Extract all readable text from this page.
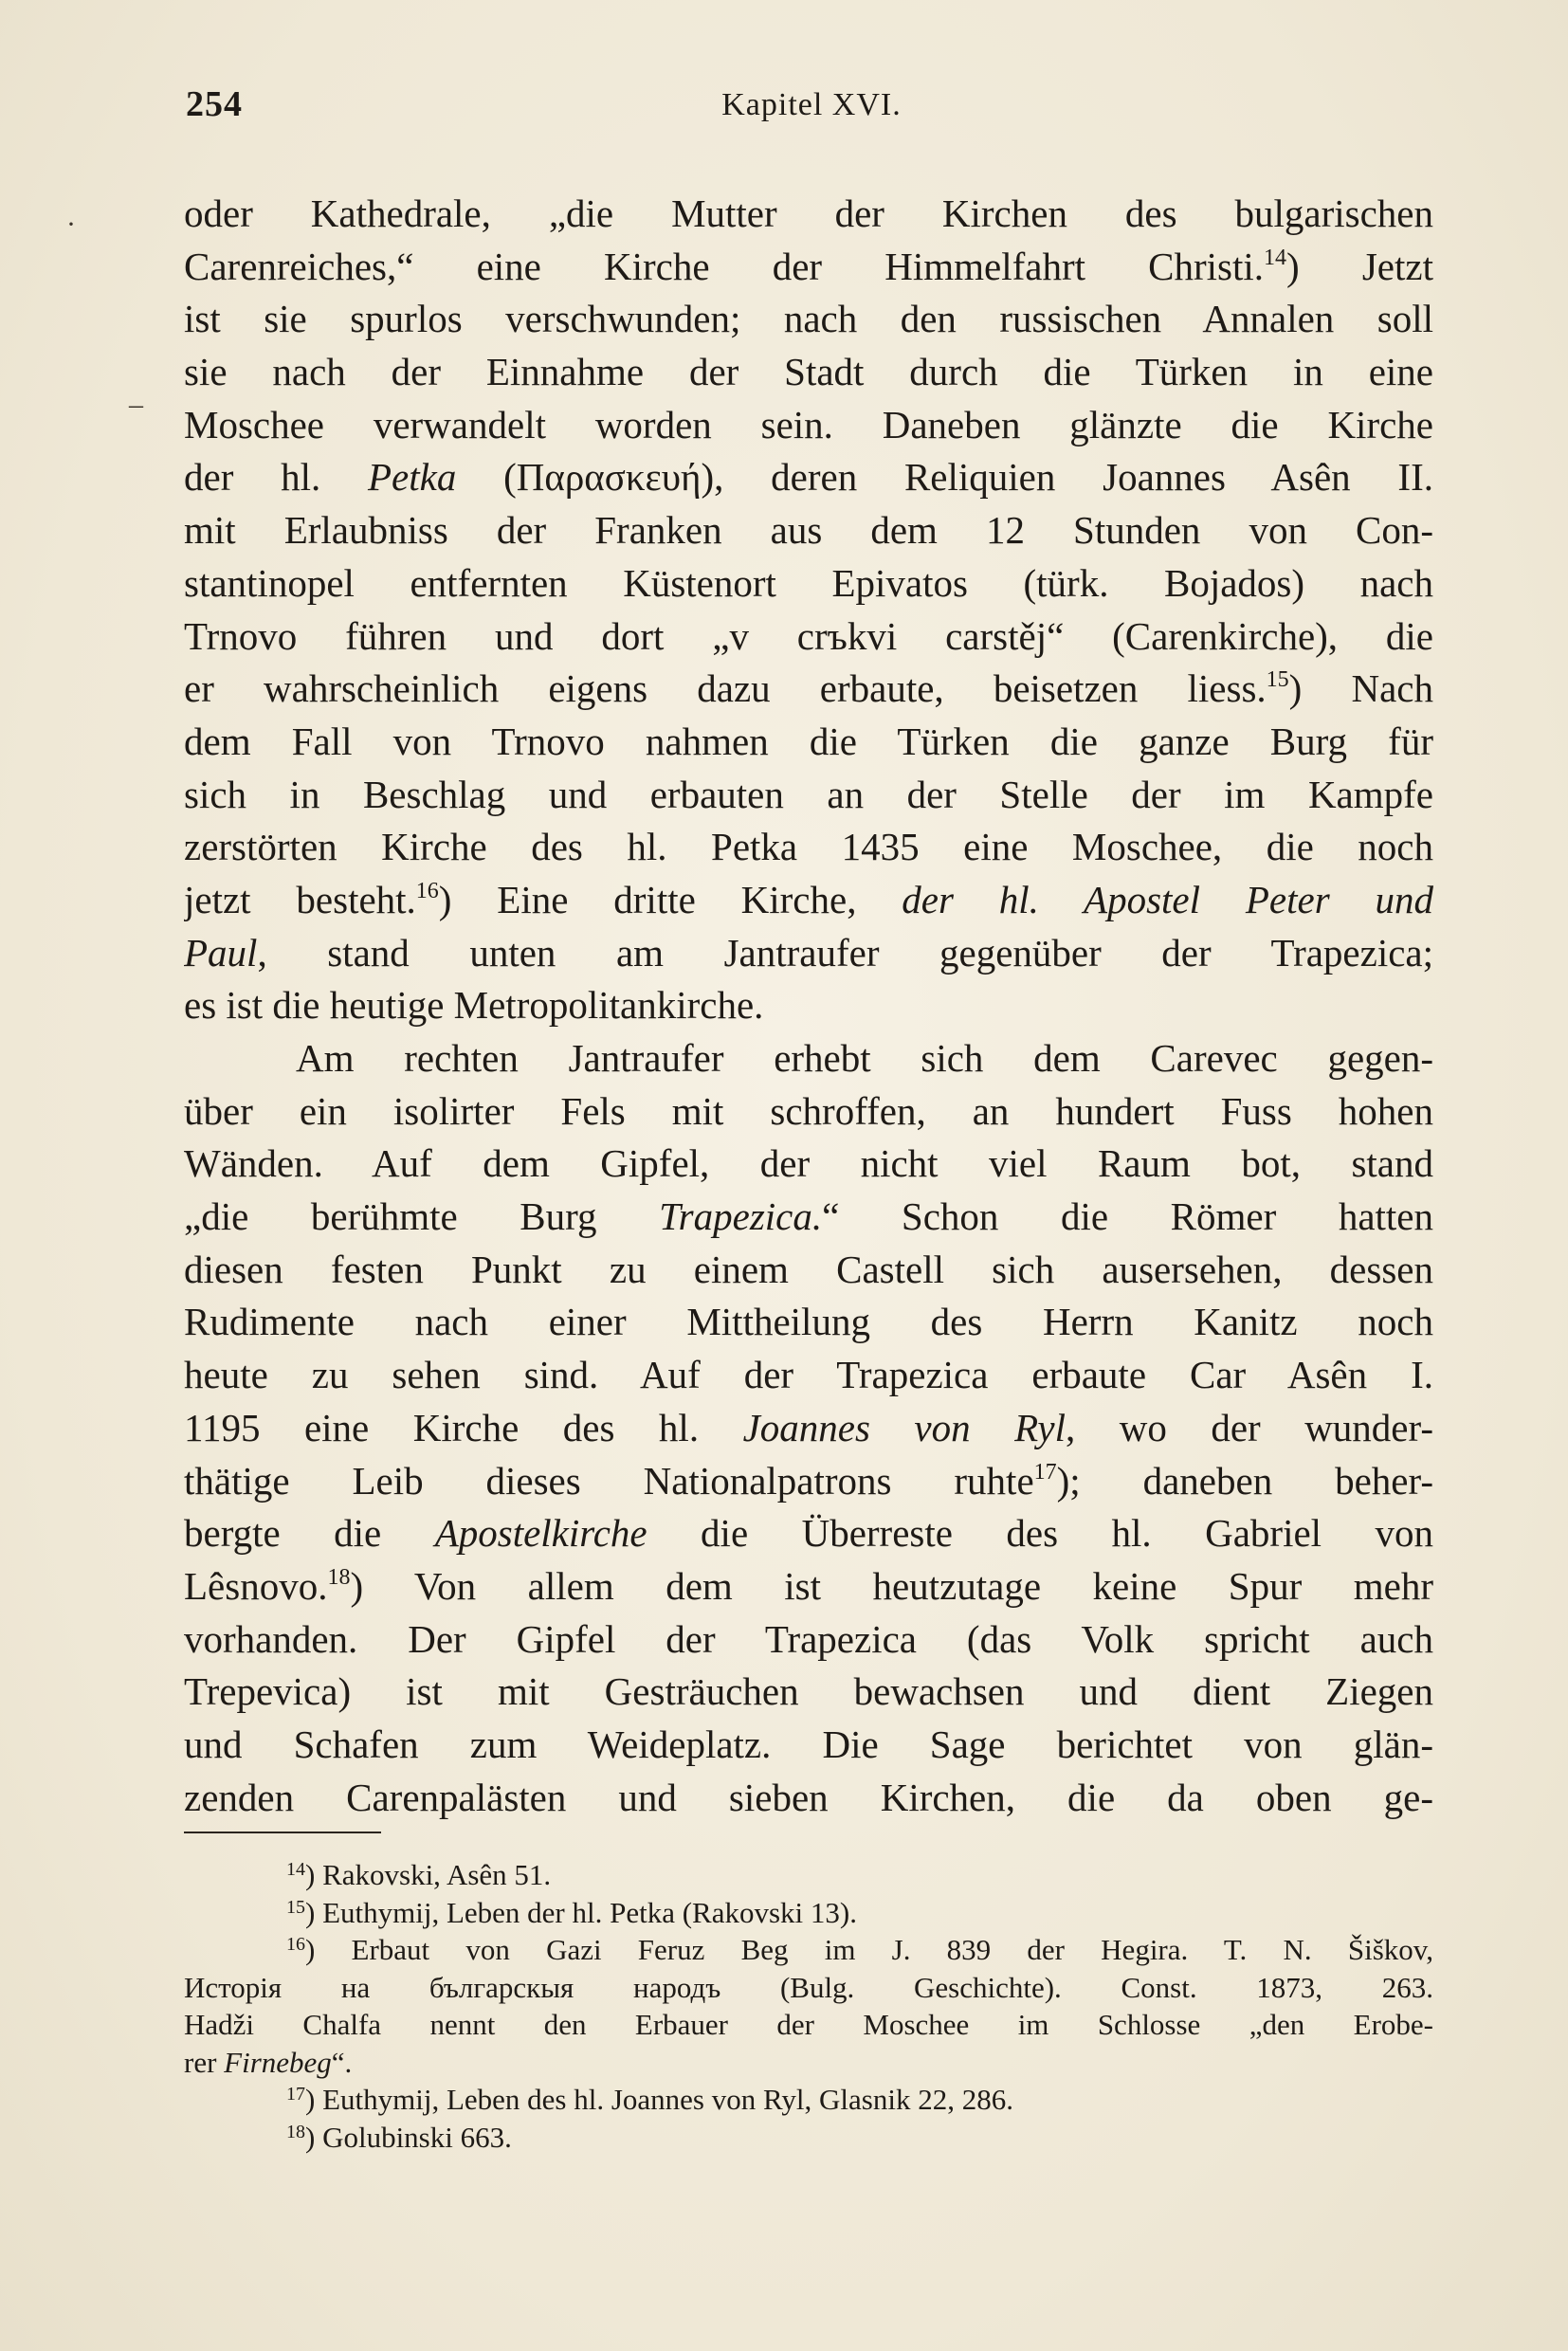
254	Kapitel XVI.
·
–
oder Kathedrale, „die Mutter der Kirchen des bulgarischen
Carenreiches,“ eine Kirche der Himmelfahrt Christi.$^{14}$) Jetzt
ist sie spurlos verschwunden; nach den russischen Annalen soll
sie nach der Einnahme der Stadt durch die Türken in eine
Moschee verwandelt worden sein. Daneben glänzte die Kirche
der hl. Petka (Παρασκευή), deren Reliquien Joannes Asên II.
mit Erlaubniss der Franken aus dem 12 Stunden von Con-
stantinopel entfernten Küstenort Epivatos (türk. Bojados) nach
Trnovo führen und dort „v crъkvi carstěj“ (Carenkirche), die
er wahrscheinlich eigens dazu erbaute, beisetzen liess.$^{15}$) Nach
dem Fall von Trnovo nahmen die Türken die ganze Burg für
sich in Beschlag und erbauten an der Stelle der im Kampfe
zerstörten Kirche des hl. Petka 1435 eine Moschee, die noch
jetzt besteht.$^{16}$) Eine dritte Kirche, der hl. Apostel Peter und
Paul, stand unten am Jantraufer gegenüber der Trapezica;
es ist die heutige Metropolitankirche.
Am rechten Jantraufer erhebt sich dem Carevec gegen-
über ein isolirter Fels mit schroffen, an hundert Fuss hohen
Wänden. Auf dem Gipfel, der nicht viel Raum bot, stand
„die berühmte Burg Trapezica.“ Schon die Römer hatten
diesen festen Punkt zu einem Castell sich ausersehen, dessen
Rudimente nach einer Mittheilung des Herrn Kanitz noch
heute zu sehen sind. Auf der Trapezica erbaute Car Asên I.
1195 eine Kirche des hl. Joannes von Ryl, wo der wunder-
thätige Leib dieses Nationalpatrons ruhte$^{17}$); daneben beher-
bergte die Apostelkirche die Überreste des hl. Gabriel von
Lêsnovo.$^{18}$) Von allem dem ist heutzutage keine Spur mehr
vorhanden. Der Gipfel der Trapezica (das Volk spricht auch
Trepevica) ist mit Gesträuchen bewachsen und dient Ziegen
und Schafen zum Weideplatz. Die Sage berichtet von glän-
zenden Carenpalästen und sieben Kirchen, die da oben ge-
$^{14}$) Rakovski, Asên 51.
$^{15}$) Euthymij, Leben der hl. Petka (Rakovski 13).
$^{16}$) Erbaut von Gazi Feruz Beg im J. 839 der Hegira. T. N. Šiškov,
Исторія на българскыя народъ (Bulg. Geschichte). Const. 1873, 263.
Hadži Chalfa nennt den Erbauer der Moschee im Schlosse „den Erobe-
rer Firnebeg“.
$^{17}$) Euthymij, Leben des hl. Joannes von Ryl, Glasnik 22, 286.
$^{18}$) Golubinski 663.
